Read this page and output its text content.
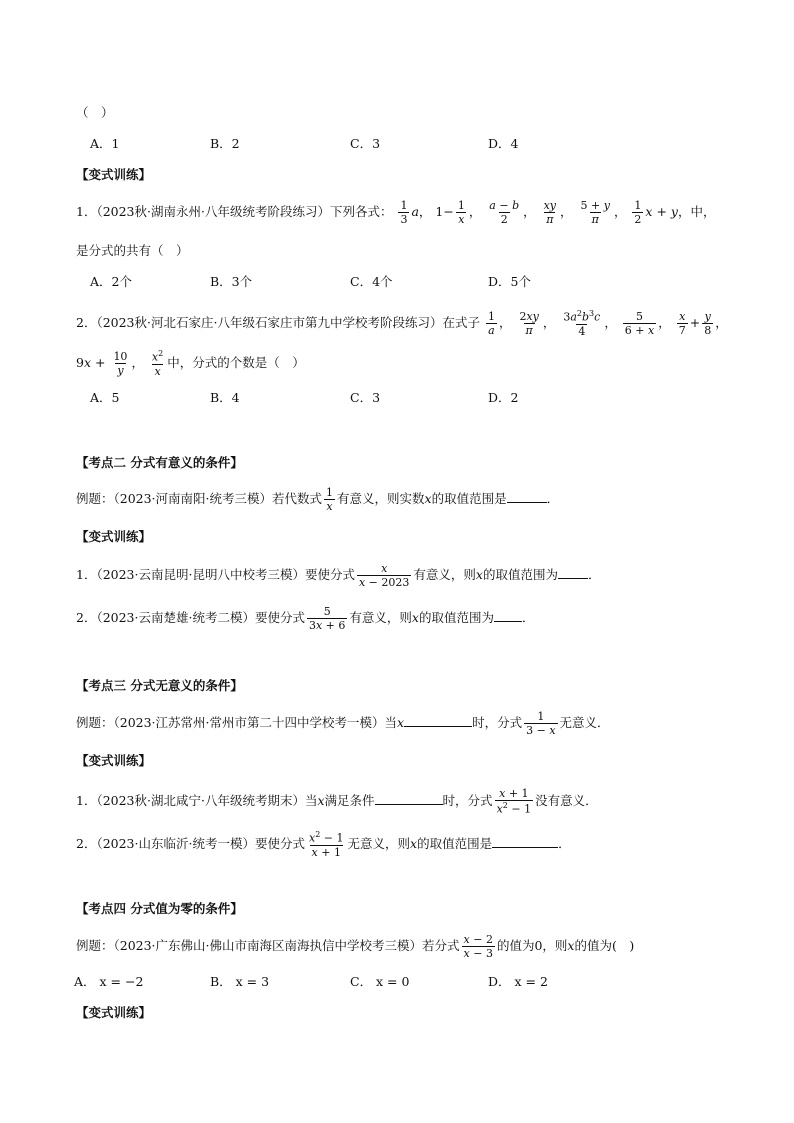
（　）
A．1	B．2	C．3	D．4
【变式训练】
1．（2023秋·湖南永州·八年级统考阶段练习）下列各式： $\frac{1}{3}$ a， $1- \frac{1}{x}$ ， $\frac{a - b}{2}$ ， $\frac{xy}{\pi}$ ， $\frac{5 + y}{\pi}$ ， $\frac{1}{2}$ x + y，中，
是分式的共有（　）
A．2个	B．3个	C．4个	D．5个
2．（2023秋·河北石家庄·八年级石家庄市第九中学校考阶段练习）在式子 $\frac{1}{a}$ ， $\frac{2xy}{\pi}$ ， $\frac{3a^2b^3c}{4}$ ， $\frac{5}{6 + x}$ ， $\frac{x}{7} + \frac{y}{8}$ ，
$9x + \frac{10}{y}$ ， $\frac{x^2}{x}$ 中，分式的个数是（　）
A．5	B．4	C．3	D．2
【考点二 分式有意义的条件】
例题：（2023·河南南阳·统考三模）若代数式 $\frac{1}{x}$ 有意义，则实数x的取值范围是	．
【变式训练】
1．（2023·云南昆明·昆明八中校考三模）要使分式 $\frac{x}{x - 2023}$ 有意义，则x的取值范围为 ．
2．（2023·云南楚雄·统考二模）要使分式 $\frac{5}{3x + 6}$ 有意义，则x的取值范围为 ．
【考点三 分式无意义的条件】
例题：（2023·江苏常州·常州市第二十四中学校考一模）当x	时，分式 $\frac{1}{3 - x}$ 无意义．
【变式训练】
1．（2023秋·湖北咸宁·八年级统考期末）当x满足条件	时，分式 $\frac{x + 1}{x^2 - 1}$ 没有意义．
2．（2023·山东临沂·统考一模）要使分式 $\frac{x^2 - 1}{x + 1}$ 无意义，则x的取值范围是	．
【考点四 分式值为零的条件】
例题：（2023·广东佛山·佛山市南海区南海执信中学校考三模）若分式 $\frac{x - 2}{x - 3}$ 的值为0，则x的值为(　)
A． x = −2	B． x = 3	C． x = 0	D． x = 2
【变式训练】
